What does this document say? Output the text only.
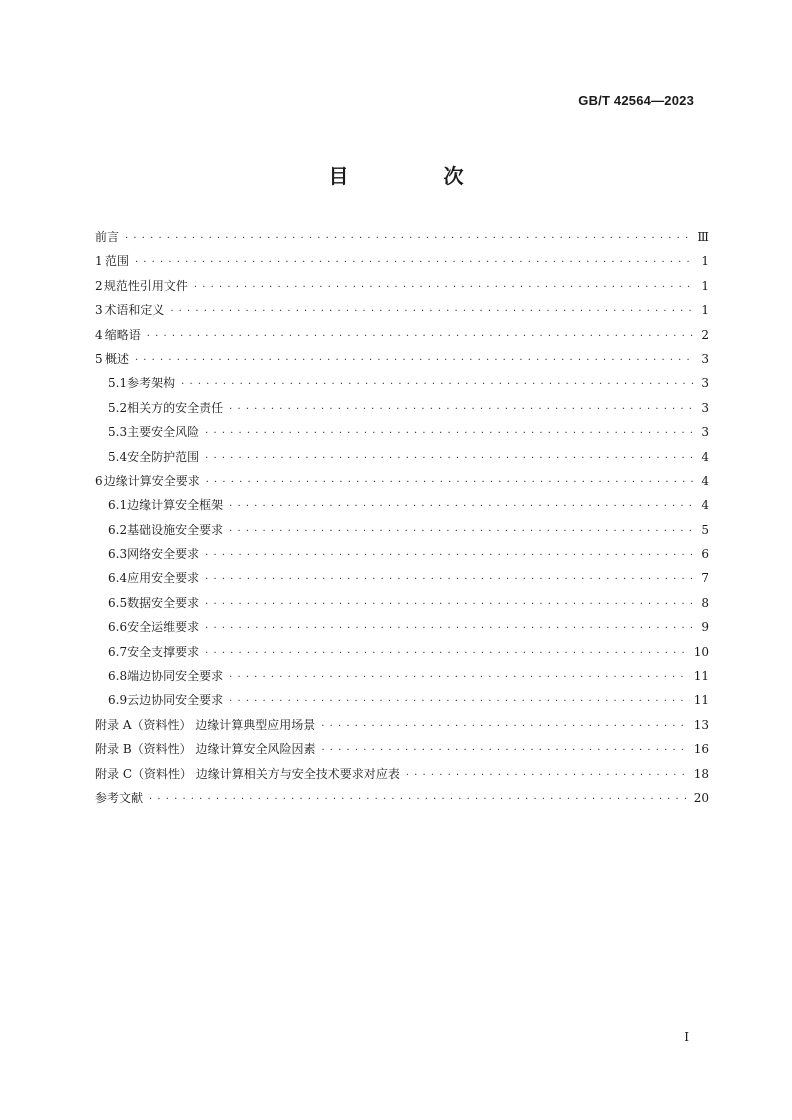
GB/T 42564—2023
目 次
前言 · · ·	Ⅲ
1 范围 · · ·	1
2 规范性引用文件 · · ·	1
3 术语和定义 · · ·	1
4 缩略语 · · ·	2
5 概述 · · ·	3
5.1 参考架构 · · ·	3
5.2 相关方的安全责任 · · ·	3
5.3 主要安全风险 · · ·	3
5.4 安全防护范围 · · ·	4
6 边缘计算安全要求 · · ·	4
6.1 边缘计算安全框架 · · ·	4
6.2 基础设施安全要求 · · ·	5
6.3 网络安全要求 · · ·	6
6.4 应用安全要求 · · ·	7
6.5 数据安全要求 · · ·	8
6.6 安全运维要求 · · ·	9
6.7 安全支撑要求 · · ·	10
6.8 端边协同安全要求 · · ·	11
6.9 云边协同安全要求 · · ·	11
附录 A（资料性） 边缘计算典型应用场景 · · ·	13
附录 B（资料性） 边缘计算安全风险因素 · · ·	16
附录 C（资料性） 边缘计算相关方与安全技术要求对应表 · · ·	18
参考文献 · · ·	20
I
